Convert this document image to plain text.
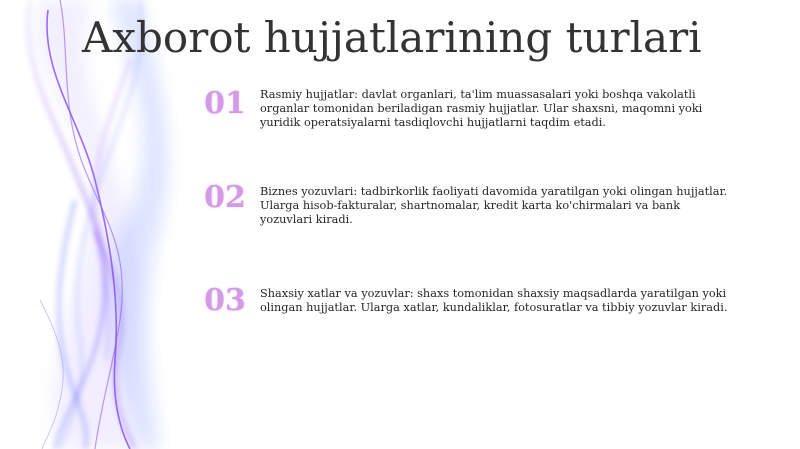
Axborot hujjatlarining turlari
01	Rasmiy hujjatlar: davlat organlari, ta'lim muassasalari yoki boshqa vakolatli organlar tomonidan beriladigan rasmiy hujjatlar. Ular shaxsni, maqomni yoki yuridik operatsiyalarni tasdiqlovchi hujjatlarni taqdim etadi.
02	Biznes yozuvlari: tadbirkorlik faoliyati davomida yaratilgan yoki olingan hujjatlar. Ularga hisob-fakturalar, shartnomalar, kredit karta ko'chirmalari va bank yozuvlari kiradi.
03	Shaxsiy xatlar va yozuvlar: shaxs tomonidan shaxsiy maqsadlarda yaratilgan yoki olingan hujjatlar. Ularga xatlar, kundaliklar, fotosuratlar va tibbiy yozuvlar kiradi.
